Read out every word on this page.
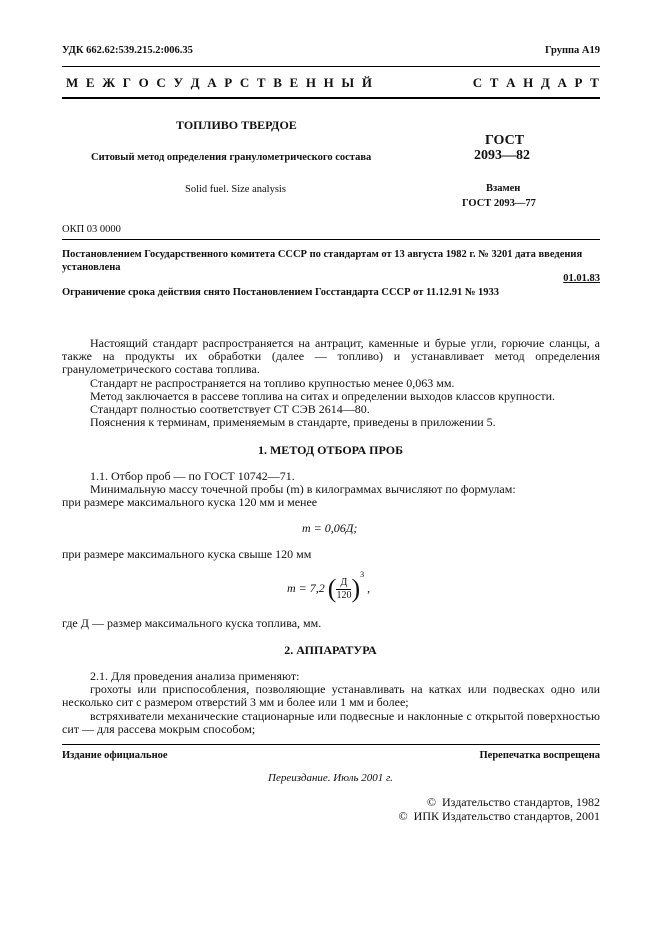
УДК 662.62:539.215.2:006.35	Группа А19
М Е Ж Г О С У Д А Р С Т В Е Н Н Ы Й	С Т А Н Д А Р Т
ТОПЛИВО ТВЕРДОЕ
Ситовый метод определения гранулометрического состава
Solid fuel. Size analysis
ГОСТ
2093—82
Взамен
ГОСТ 2093—77
ОКП 03 0000
Постановлением Государственного комитета СССР по стандартам от 13 августа 1982 г. № 3201 дата введения установлена
01.01.83
Ограничение срока действия снято Постановлением Госстандарта СССР от 11.12.91 № 1933

Настоящий стандарт распространяется на антрацит, каменные и бурые угли, горючие сланцы, а также на продукты их обработки (далее — топливо) и устанавливает метод определения гранулометрического состава топлива.

Стандарт не распространяется на топливо крупностью менее 0,063 мм.

Метод заключается в рассеве топлива на ситах и определении выходов классов крупности.

Стандарт полностью соответствует СТ СЭВ 2614—80.

Пояснения к терминам, применяемым в стандарте, приведены в приложении 5.

1. МЕТОД ОТБОРА ПРОБ

1.1. Отбор проб — по ГОСТ 10742—71.

Минимальную массу точечной пробы (m) в килограммах вычисляют по формулам:

при размере максимального куска 120 мм и менее

m = 0,06Д;
при размере максимального куска свыше 120 мм
m = 7,2 ( $\frac{Д}{120} )^3$ ,
где Д — размер максимального куска топлива, мм.
2. АППАРАТУРА

2.1. Для проведения анализа применяют:

грохоты или приспособления, позволяющие устанавливать на катках или подвесках одно или несколько сит с размером отверстий 3 мм и более или 1 мм и более;

встряхиватели механические стационарные или подвесные и наклонные с открытой поверхностью сит — для рассева мокрым способом;

Издание официальное	Перепечатка воспрещена
Переиздание. Июль 2001 г.
©  Издательство стандартов, 1982
©  ИПК Издательство стандартов, 2001
